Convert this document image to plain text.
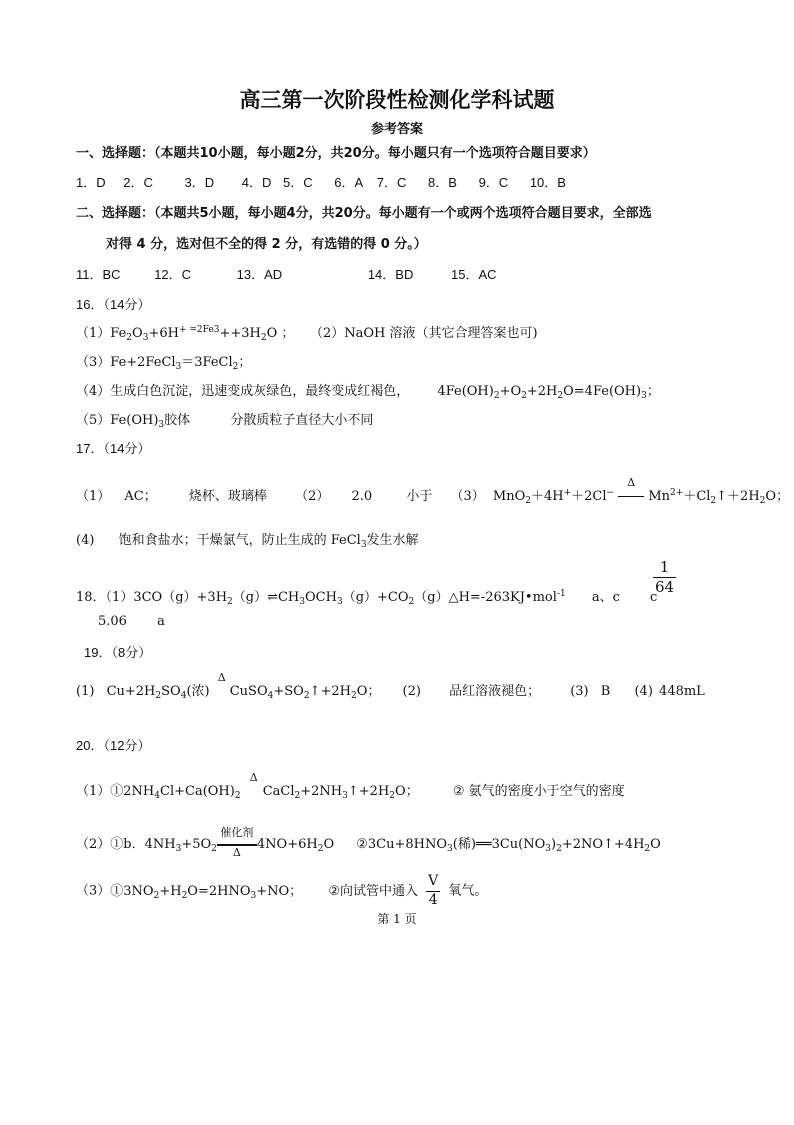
高三第一次阶段性检测化学科试题
参考答案
一、选择题：（本题共10小题，每小题2分，共20分。每小题只有一个选项符合题目要求）
1．D 2．C 3．D 4．D 5．C 6．A 7．C 8．B 9．C 10．B
二、选择题：（本题共5小题，每小题4分，共20分。每小题有一个或两个选项符合题目要求，全部选
对得 4 分，选对但不全的得 2 分，有选错的得 0 分。）
11．BC	12．C	13．AD	14．BD	15．AC
16．（14分）
$(1)Fe_2O_3+6H^{+ =2Fe3}++3H_2O$ ； （2）NaOH 溶液（其它合理答案也可)
（3）Fe+2FeCl$_3$＝3FeCl$_2$；
（4）生成白色沉淀，迅速变成灰绿色，最终变成红褐色， $4Fe(OH)_2+O_2+2H_2O=4Fe(OH)_3$；
$(5)Fe(OH)_3$胶体	分散质粒子直径大小不同
17．（14分）
（1） AC； 烧杯、玻璃棒 （2） 2.0	小于 （3） MnO$_2$＋4H+＋2Cl−
Δ
$Mn^{2+}+Cl_2↑+2H_2O$；
(4) 饱和食盐水；干燥氯气，防止生成的 FeCl$_3$发生水解
18．$(1)3CO(g)+3H_2(g)\rightleftharpoons CH_3OCH_3(g)+CO_2(g)\triangle H=-263KJ•mol^{-1}$ a、c c
$\frac{1}{64}$
5.06 a
19．（8分）
(1) $Cu+2H_2SO_4$(浓)
Δ
$CuSO_4+SO_2↑+2H_2O$； (2) 品红溶液褪色； (3) B (4) 448mL
20．（12分）
$(1)①2NH_4Cl+Ca(OH)_2$
Δ
$CaCl_2+2NH_3↑+2H_2O$；	② 氨气的密度小于空气的密度
（2）①b．$4NH_3+5O_2$
催化剂
Δ
$4NO+6H_2O$ $②3Cu+8HNO_3$(稀)$══3Cu(NO_3)_2+2NO↑+4H_2O$
$(3)①3NO_2+H_2O=2HNO_3+NO$； ②向试管中通入 $\frac{V}{4}$ 氧气。
第 1 页
